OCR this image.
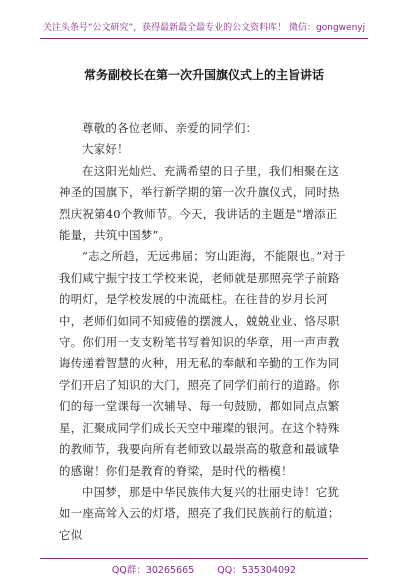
关注头条号“公文研究”，获得最新最全最专业的公文资料库！ 微信：gongwenyj
常务副校长在第一次升国旗仪式上的主旨讲话

尊敬的各位老师、亲爱的同学们：

大家好！

在这阳光灿烂、充满希望的日子里，我们相聚在这神圣的国旗下，举行新学期的第一次升旗仪式，同时热烈庆祝第40个教师节。今天，我讲话的主题是“增添正能量，共筑中国梦”。

“志之所趋，无远弗届；穷山距海，不能限也。”对于我们咸宁振宁技工学校来说，老师就是那照亮学子前路的明灯，是学校发展的中流砥柱。在往昔的岁月长河中，老师们如同不知疲倦的摆渡人，兢兢业业、恪尽职守。你们用一支支粉笔书写着知识的华章，用一声声教诲传递着智慧的火种，用无私的奉献和辛勤的工作为同学们开启了知识的大门，照亮了同学们前行的道路。你们的每一堂课每一次辅导、每一句鼓励，都如同点点繁星，汇聚成同学们成长天空中璀璨的银河。在这个特殊的教师节，我要向所有老师致以最崇高的敬意和最诚挚的感谢！你们是教育的脊梁，是时代的楷模！

中国梦，那是中华民族伟大复兴的壮丽史诗！它犹如一座高耸入云的灯塔，照亮了我们民族前行的航道；它似

QQ群：30265665 QQ：535304092
